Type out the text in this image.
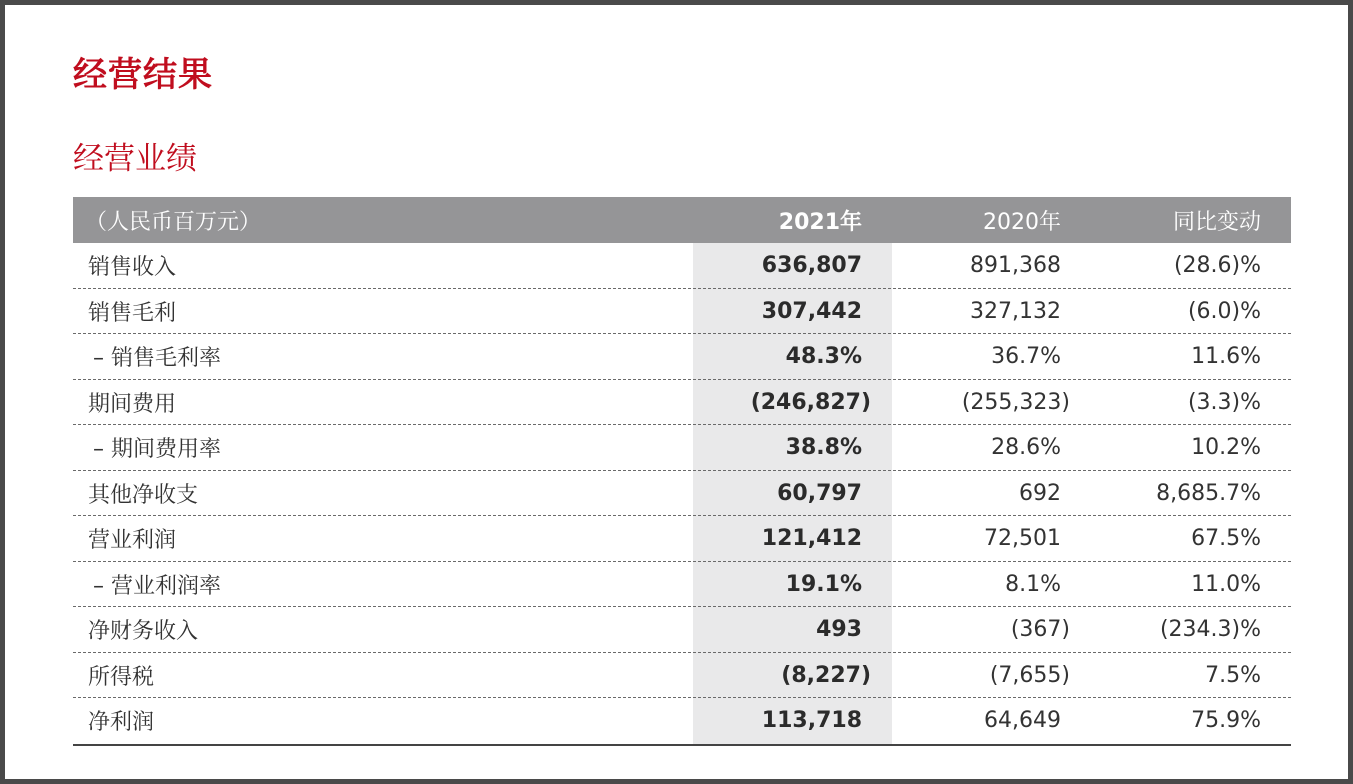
经营结果
经营业绩
（人民币百万元）	2021年	2020年	同比变动
销售收入	636,807	891,368	(28.6)%
销售毛利	307,442	327,132	(6.0)%
– 销售毛利率	48.3%	36.7%	11.6%
期间费用	(246,827)	(255,323)	(3.3)%
– 期间费用率	38.8%	28.6%	10.2%
其他净收支	60,797	692	8,685.7%
营业利润	121,412	72,501	67.5%
– 营业利润率	19.1%	8.1%	11.0%
净财务收入	493	(367)	(234.3)%
所得税	(8,227)	(7,655)	7.5%
净利润	113,718	64,649	75.9%
